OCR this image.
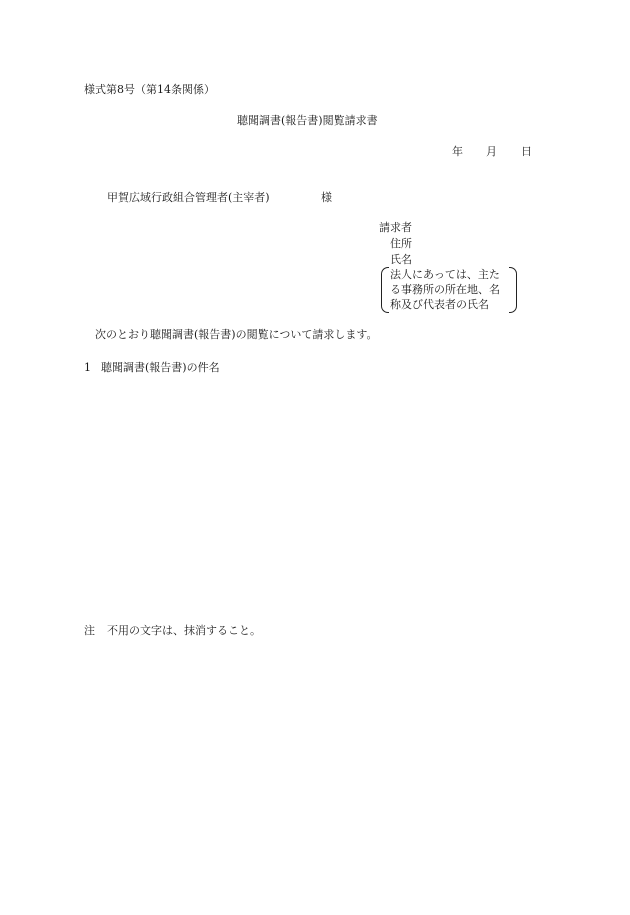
様式第8号（第14条関係）
聴聞調書(報告書)閲覧請求書
年 月 日
甲賀広域行政組合管理者(主宰者)	様
請求者
住所
氏名
法人にあっては、主た
る事務所の所在地、名
称及び代表者の氏名
次のとおり聴聞調書(報告書)の閲覧について請求します。
1 聴聞調書(報告書)の件名
注 不用の文字は、抹消すること。
